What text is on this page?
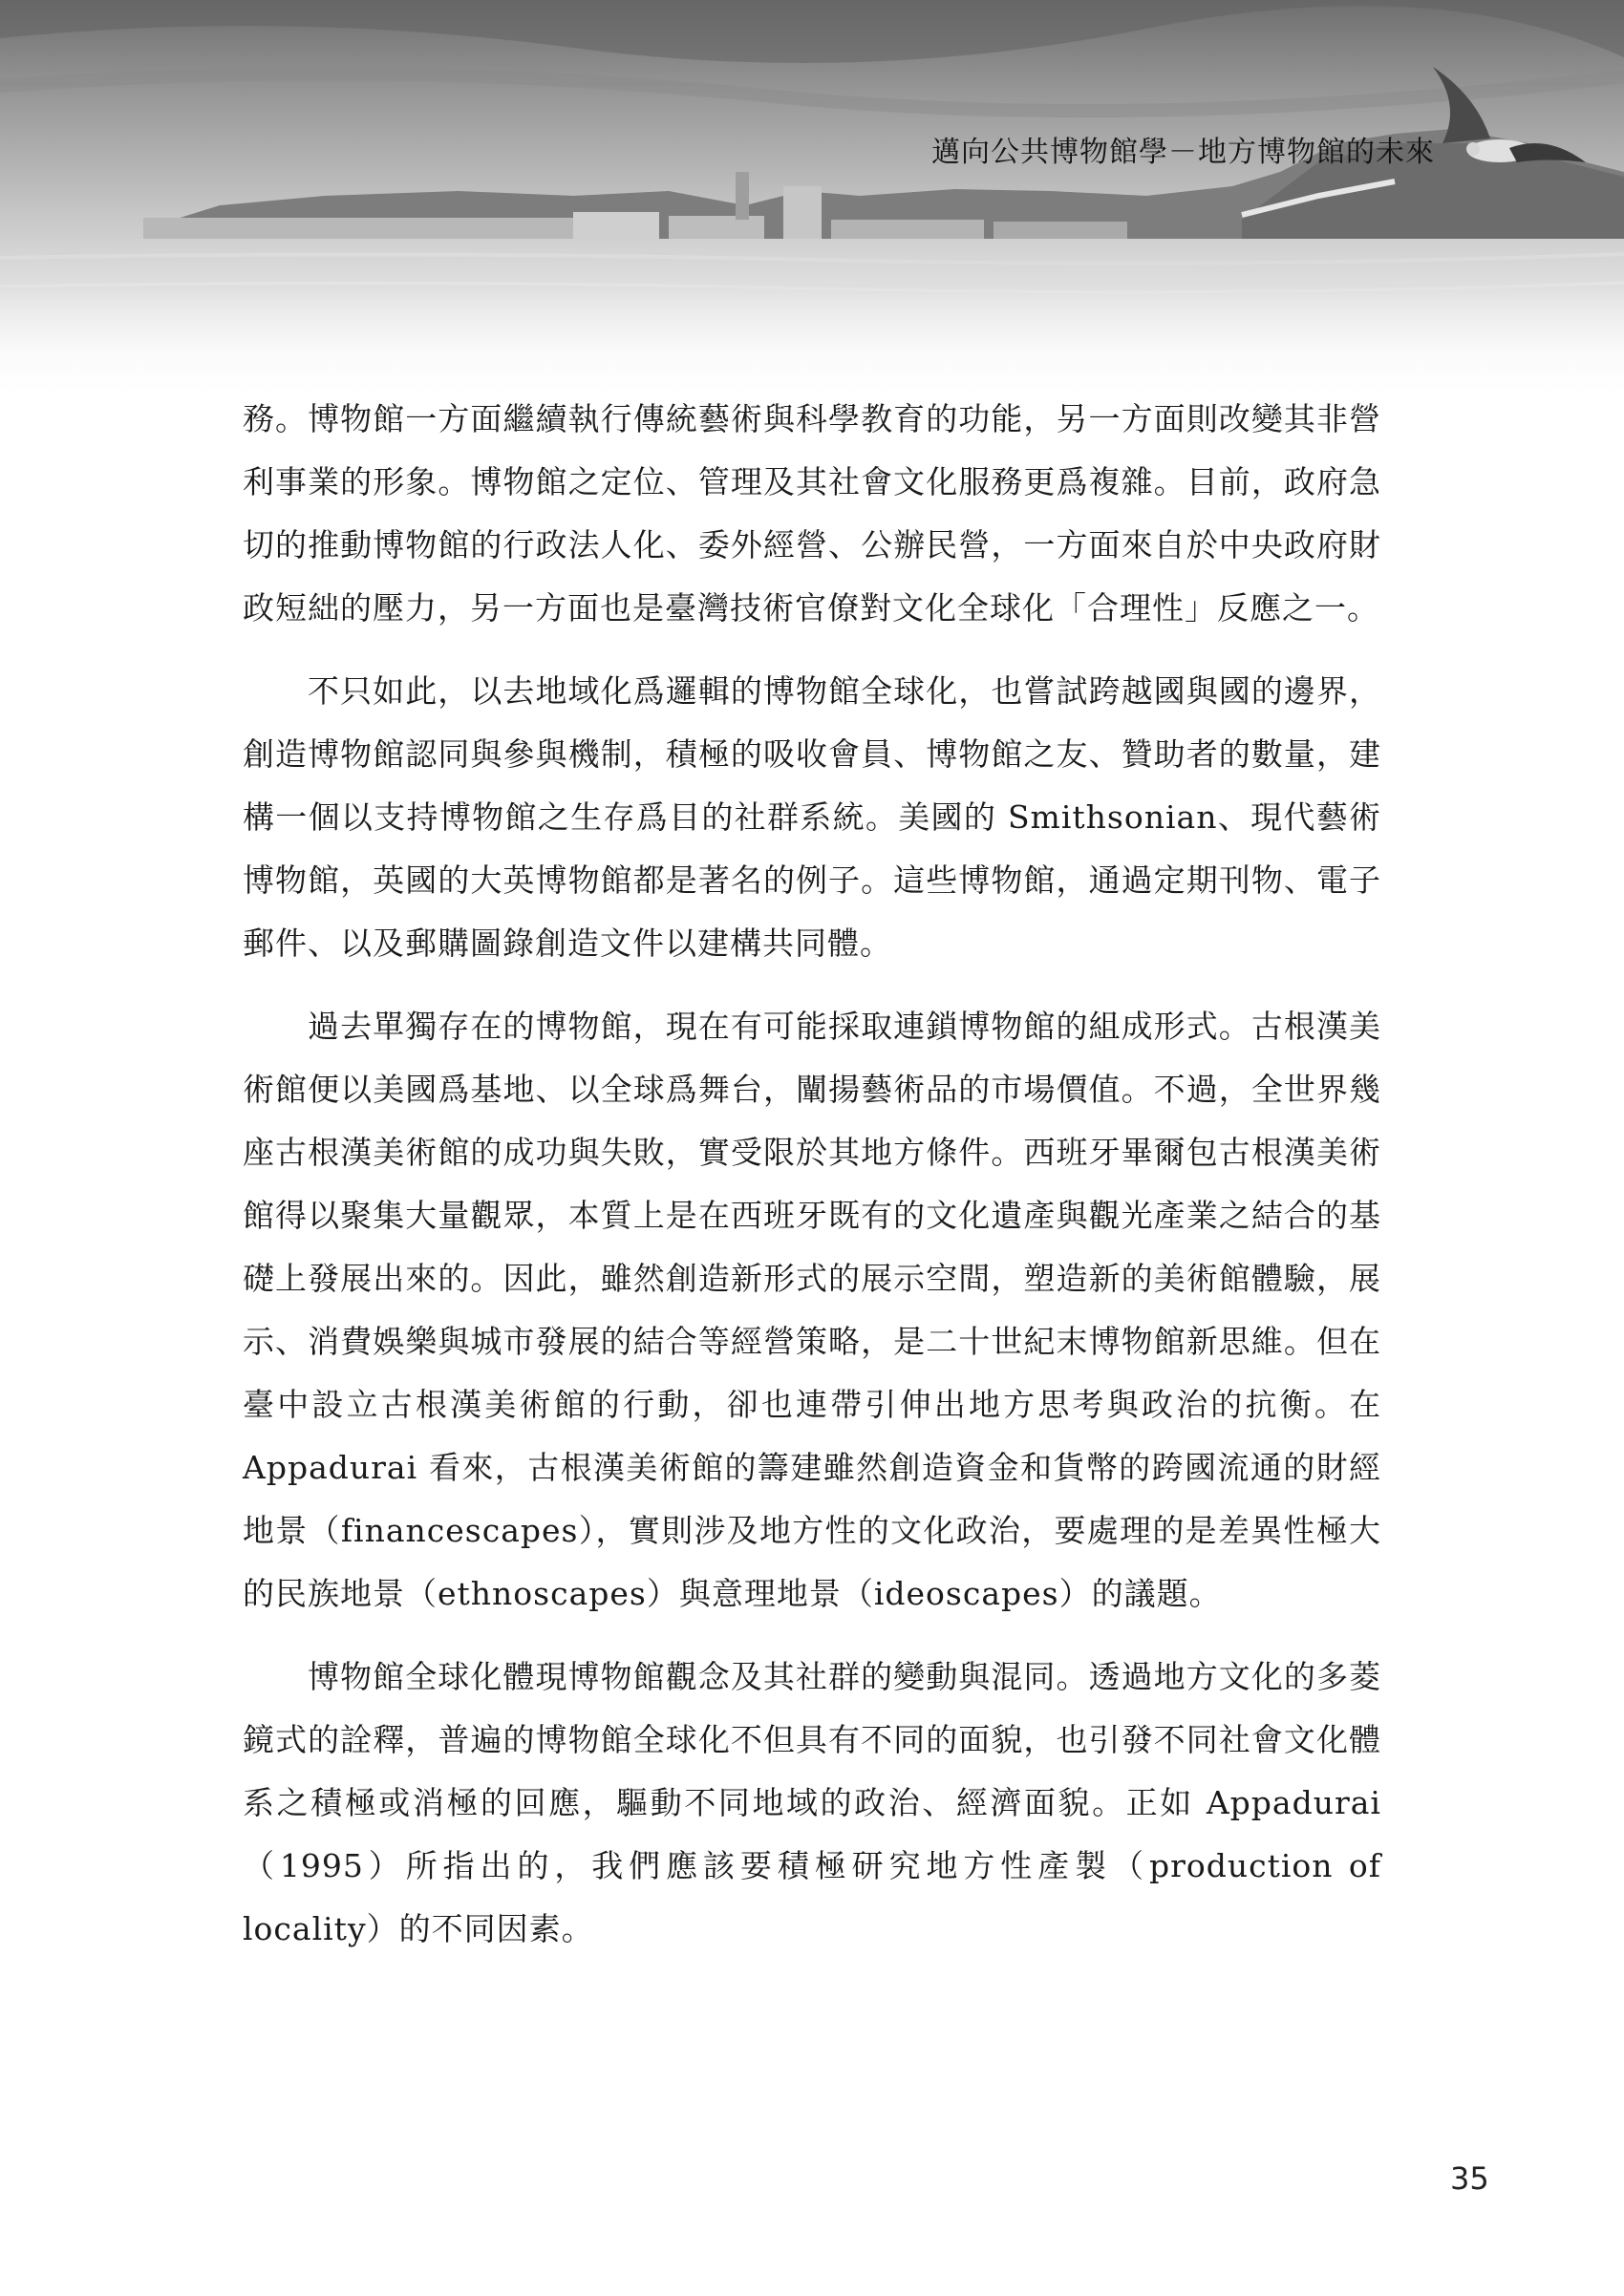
邁向公共博物館學－地方博物館的未來

務。博物館一方面繼續執行傳統藝術與科學教育的功能，另一方面則改變其非營利事業的形象。博物館之定位、管理及其社會文化服務更爲複雜。目前，政府急切的推動博物館的行政法人化、委外經營、公辦民營，一方面來自於中央政府財政短絀的壓力，另一方面也是臺灣技術官僚對文化全球化「合理性」反應之一。

不只如此，以去地域化爲邏輯的博物館全球化，也嘗試跨越國與國的邊界，創造博物館認同與參與機制，積極的吸收會員、博物館之友、贊助者的數量，建構一個以支持博物館之生存爲目的社群系統。美國的 Smithsonian、現代藝術博物館，英國的大英博物館都是著名的例子。這些博物館，通過定期刊物、電子郵件、以及郵購圖錄創造文件以建構共同體。

過去單獨存在的博物館，現在有可能採取連鎖博物館的組成形式。古根漢美術館便以美國爲基地、以全球爲舞台，闡揚藝術品的市場價值。不過，全世界幾座古根漢美術館的成功與失敗，實受限於其地方條件。西班牙畢爾包古根漢美術館得以聚集大量觀眾，本質上是在西班牙既有的文化遺產與觀光產業之結合的基礎上發展出來的。因此，雖然創造新形式的展示空間，塑造新的美術館體驗，展示、消費娛樂與城市發展的結合等經營策略，是二十世紀末博物館新思維。但在臺中設立古根漢美術館的行動，卻也連帶引伸出地方思考與政治的抗衡。在 Appadurai 看來，古根漢美術館的籌建雖然創造資金和貨幣的跨國流通的財經地景（financescapes），實則涉及地方性的文化政治，要處理的是差異性極大的民族地景（ethnoscapes）與意理地景（ideoscapes）的議題。

博物館全球化體現博物館觀念及其社群的變動與混同。透過地方文化的多菱鏡式的詮釋，普遍的博物館全球化不但具有不同的面貌，也引發不同社會文化體系之積極或消極的回應，驅動不同地域的政治、經濟面貌。正如 Appadurai（1995）所指出的，我們應該要積極研究地方性產製（production of locality）的不同因素。

35
